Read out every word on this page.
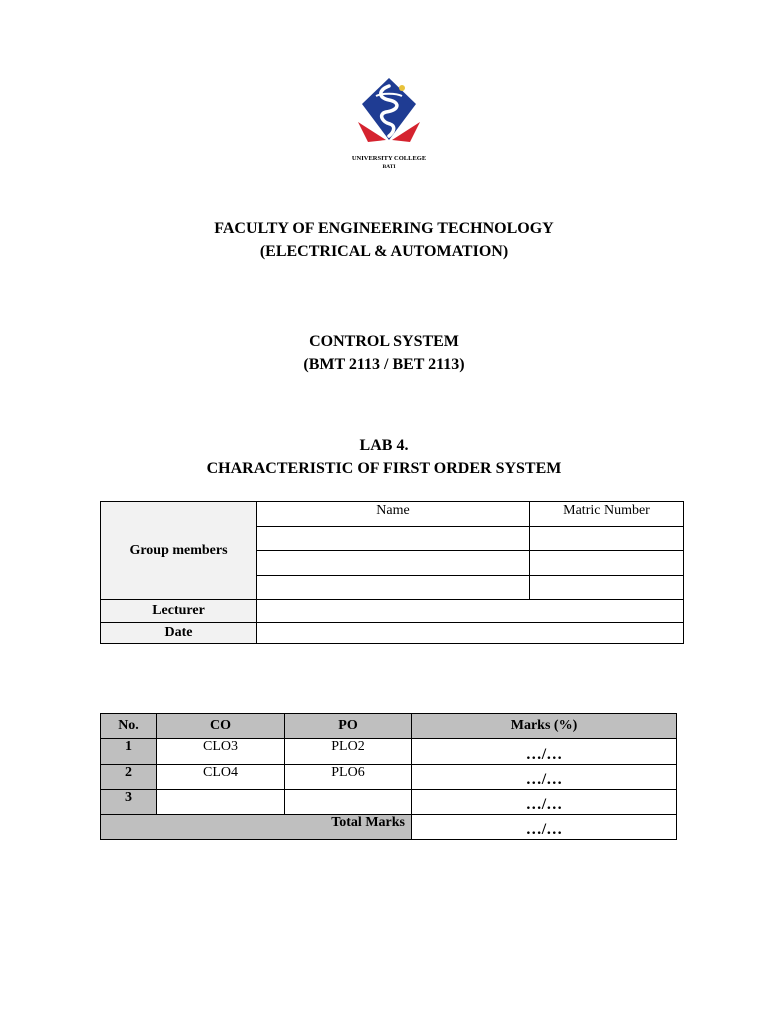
UNIVERSITY COLLEGE
BATI
FACULTY OF ENGINEERING TECHNOLOGY
(ELECTRICAL & AUTOMATION)
CONTROL SYSTEM
(BMT 2113 / BET 2113)
LAB 4.
CHARACTERISTIC OF FIRST ORDER SYSTEM
Group members	Name	Matric Number

Lecturer		
Date		
No.	CO	PO	Marks (%)
1	CLO3	PLO2	…/…
2	CLO4	PLO6	…/…
3			…/…
Total Marks			…/…
